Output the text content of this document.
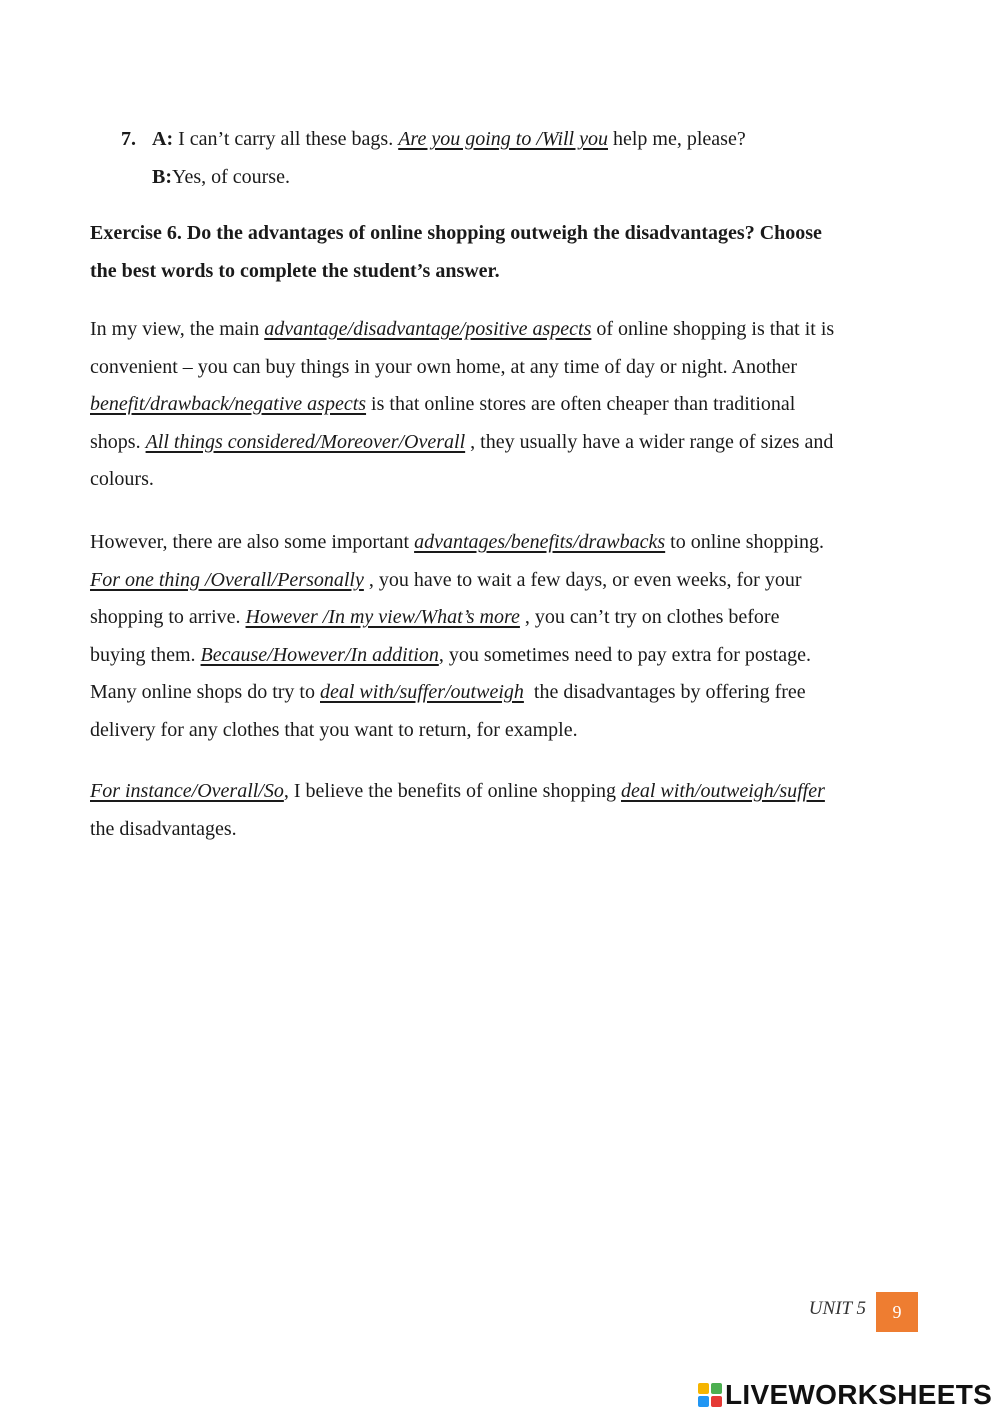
7. A: I can’t carry all these bags. Are you going to /Will you help me, please?
B: Yes, of course.

Exercise 6. Do the advantages of online shopping outweigh the disadvantages? Choose
the best words to complete the student’s answer.

In my view, the main advantage/disadvantage/positive aspects of online shopping is that it is
convenient – you can buy things in your own home, at any time of day or night. Another
benefit/drawback/negative aspects is that online stores are often cheaper than traditional
shops. All things considered/Moreover/Overall , they usually have a wider range of sizes and
colours.

However, there are also some important advantages/benefits/drawbacks to online shopping.
For one thing /Overall/Personally , you have to wait a few days, or even weeks, for your
shopping to arrive. However /In my view/What’s more , you can’t try on clothes before
buying them. Because/However/In addition, you sometimes need to pay extra for postage.
Many online shops do try to deal with/suffer/outweigh  the disadvantages by offering free
delivery for any clothes that you want to return, for example.

For instance/Overall/So, I believe the benefits of online shopping deal with/outweigh/suffer
the disadvantages.

UNIT 5 9
LIVEWORKSHEETS
